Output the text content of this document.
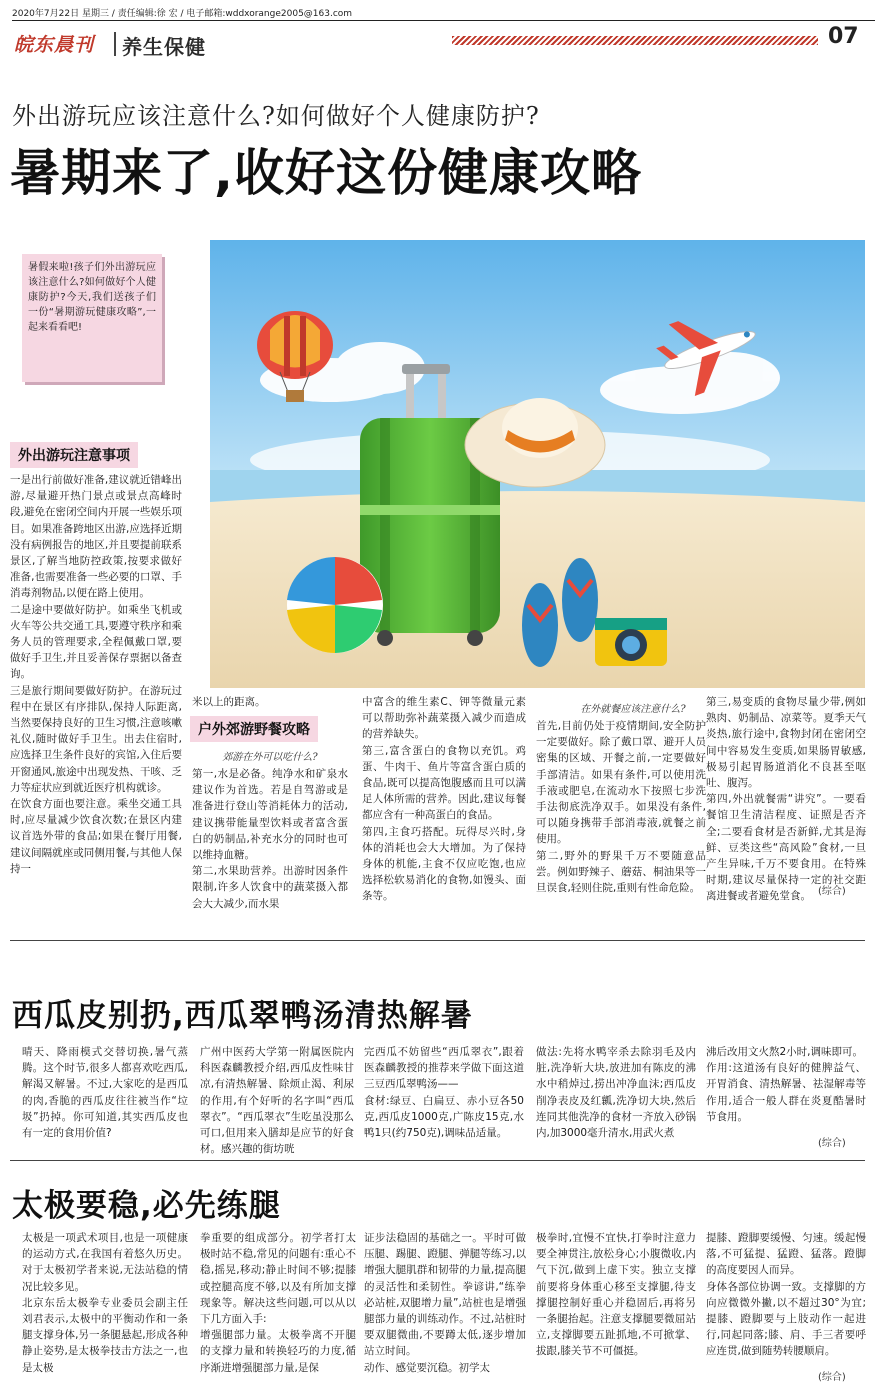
2020年7月22日 星期三 / 责任编辑:徐 宏 / 电子邮箱:wddxorange2005@163.com
皖东晨刊 养生保健	07
外出游玩应该注意什么?如何做好个人健康防护?
暑期来了,收好这份健康攻略
暑假来啦!孩子们外出游玩应该注意什么?如何做好个人健康防护?今天,我们送孩子们一份“暑期游玩健康攻略”,一起来看看吧!
外出游玩注意事项
一是出行前做好准备,建议就近错峰出游,尽量避开热门景点或景点高峰时段,避免在密闭空间内开展一些娱乐项目。如果准备跨地区出游,应选择近期没有病例报告的地区,并且要提前联系景区,了解当地防控政策,按要求做好准备,也需要准备一些必要的口罩、手消毒剂物品,以便在路上使用。
二是途中要做好防护。如乘坐飞机或火车等公共交通工具,要遵守秩序和乘务人员的管理要求,全程佩戴口罩,要做好手卫生,并且妥善保存票据以备查询。
三是旅行期间要做好防护。在游玩过程中在景区有序排队,保持人际距离,当然要保持良好的卫生习惯,注意咳嗽礼仪,随时做好手卫生。出去住宿时,应选择卫生条件良好的宾馆,入住后要开窗通风,旅途中出现发热、干咳、乏力等症状应到就近医疗机构就诊。
在饮食方面也要注意。乘坐交通工具时,应尽量减少饮食次数;在景区内建议首选外带的食品;如果在餐厅用餐,建议间隔就座或同侧用餐,与其他人保持一
米以上的距离。
户外郊游野餐攻略
郊游在外可以吃什么?
第一,水是必备。纯净水和矿泉水建议作为首选。若是自驾游或是准备进行登山等消耗体力的活动,建议携带能量型饮料或者富含蛋白的奶制品,补充水分的同时也可以维持血糖。
第二,水果助营养。出游时因条件限制,许多人饮食中的蔬菜摄入都会大大减少,而水果
中富含的维生素C、钾等微量元素可以帮助弥补蔬菜摄入减少而造成的营养缺失。
第三,富含蛋白的食物以充饥。鸡蛋、牛肉干、鱼片等富含蛋白质的食品,既可以提高饱腹感而且可以满足人体所需的营养。因此,建议每餐都应含有一种高蛋白的食品。
第四,主食巧搭配。玩得尽兴时,身体的消耗也会大大增加。为了保持身体的机能,主食不仅应吃饱,也应选择松软易消化的食物,如馒头、面条等。
在外就餐应该注意什么?
首先,目前仍处于疫情期间,安全防护一定要做好。除了戴口罩、避开人员密集的区域、开餐之前,一定要做好手部清洁。如果有条件,可以使用洗手液或肥皂,在流动水下按照七步洗手法彻底洗净双手。如果没有条件,可以随身携带手部消毒液,就餐之前使用。
第二,野外的野果千万不要随意品尝。例如野辣子、蘑菇、桐油果等一旦误食,轻则住院,重则有性命危险。
第三,易变质的食物尽量少带,例如熟肉、奶制品、凉菜等。夏季天气炎热,旅行途中,食物封闭在密闭空间中容易发生变质,如果肠胃敏感,极易引起胃肠道消化不良甚至呕吐、腹泻。
第四,外出就餐需“讲究”。一要看餐馆卫生清洁程度、证照是否齐全;二要看食材是否新鲜,尤其是海鲜、豆类这些“高风险”食材,一旦产生异味,千万不要食用。在特殊时期,建议尽量保持一定的社交距离进餐或者避免堂食。 (综合)
西瓜皮别扔,西瓜翠鸭汤清热解暑
晴天、降雨模式交替切换,暑气蒸腾。这个时节,很多人都喜欢吃西瓜,解渴又解暑。不过,大家吃的是西瓜的肉,香脆的西瓜皮往往被当作“垃圾”扔掉。你可知道,其实西瓜皮也有一定的食用价值?
广州中医药大学第一附属医院内科医森麟教授介绍,西瓜皮性味甘凉,有清热解暑、除烦止渴、利尿的作用,有个好听的名字叫“西瓜翠衣”。“西瓜翠衣”生吃虽没那么可口,但用来入膳却是应节的好食材。感兴趣的街坊咣
完西瓜不妨留些“西瓜翠衣”,跟着医森麟教授的推荐来学做下面这道三豆西瓜翠鸭汤——
食材:绿豆、白扁豆、赤小豆各50克,西瓜皮1000克,广陈皮15克,水鸭1只(约750克),调味品适量。
做法:先将水鸭宰杀去除羽毛及内脏,洗净斩大块,放进加有陈皮的沸水中稍焯过,捞出冲净血沫;西瓜皮削净表皮及红瓤,洗净切大块,然后连同其他洗净的食材一齐放入砂锅内,加3000毫升清水,用武火煮
沸后改用文火熬2小时,调味即可。
作用:这道汤有良好的健脾益气、开胃消食、清热解暑、祛湿解毒等作用,适合一般人群在炎夏酷暑时节食用。
(综合)
太极要稳,必先练腿
太极是一项武术项目,也是一项健康的运动方式,在我国有着悠久历史。对于太极初学者来说,无法站稳的情况比较多见。
北京东岳太极拳专业委员会副主任刘君表示,太极中的平衡动作和一条腿支撑身体,另一条腿悬起,形成各种静止姿势,是太极拳技击方法之一,也是太极
拳重要的组成部分。初学者打太极时站不稳,常见的问题有:重心不稳,摇晃,移动;静止时间不够;提膝或控腿高度不够,以及有所加支撑现象等。解决这些问题,可以从以下几方面入手:
增强腿部力量。太极拳离不开腿的支撑力量和转换轻巧的力度,循序渐进增强腿部力量,是保
证步法稳固的基础之一。平时可做压腿、踢腿、蹬腿、弹腿等练习,以增强大腿肌群和韧带的力量,提高腿的灵活性和柔韧性。拳谚讲,“练拳必站桩,双腿增力量”,站桩也是增强腿部力量的训练动作。不过,站桩时要双腿微曲,不要蹲太低,逐步增加站立时间。
动作、感觉要沉稳。初学太
极拳时,宜慢不宜快,打拳时注意力要全神贯注,放松身心;小腹微收,内气下沉,做到上虚下实。独立支撑前要将身体重心移至支撑腿,待支撑腿控制好重心并稳固后,再将另一条腿抬起。注意支撑腿要微屈站立,支撑脚要五趾抓地,不可掀掌、拔跟,膝关节不可僵挺。
提膝、蹬脚要缓慢、匀速。缓起慢落,不可猛提、猛蹬、猛落。蹬脚的高度要因人而异。
身体各部位协调一致。支撑脚的方向应微微外撇,以不超过30°为宜;提膝、蹬脚要与上肢动作一起进行,同起同落;膝、肩、手三者要呼应连贯,做到随势转腰顺肩。
(综合)
